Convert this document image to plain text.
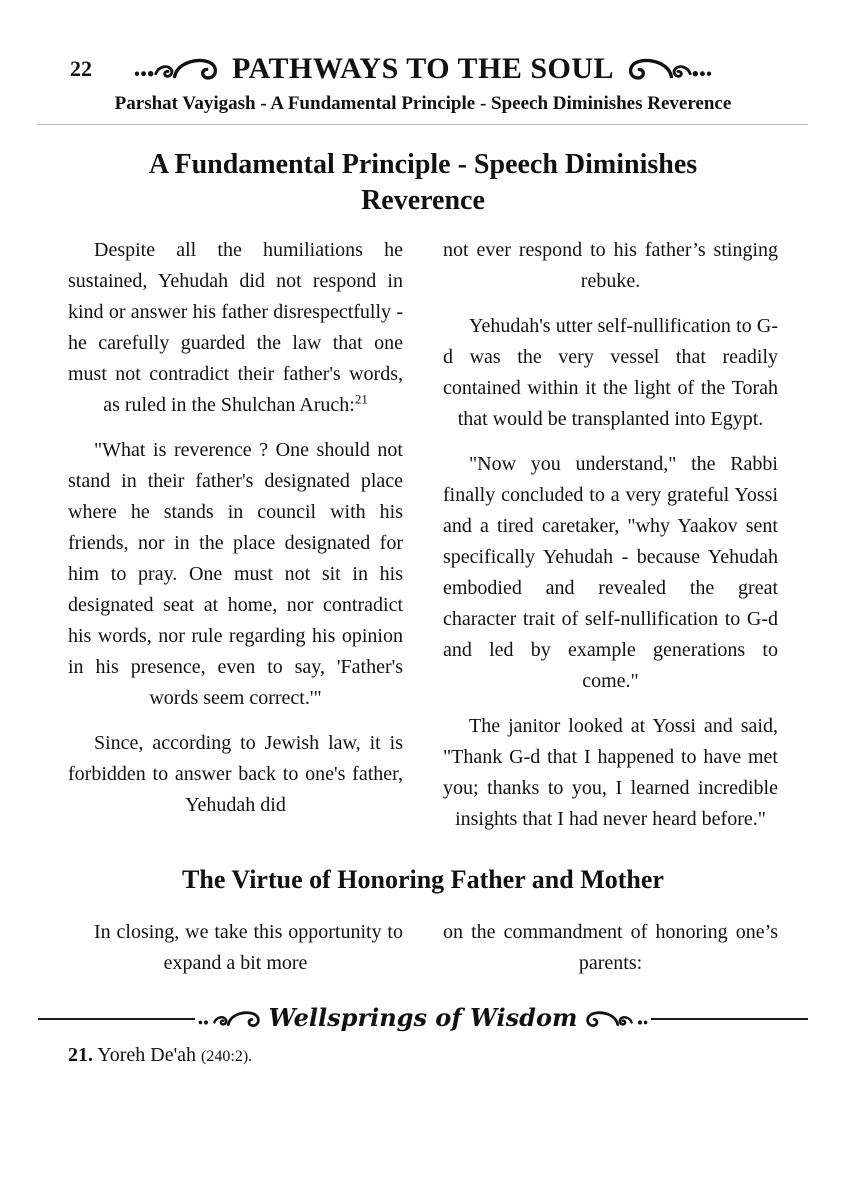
22	PATHWAYS TO THE SOUL
Parshat Vayigash - A Fundamental Principle - Speech Diminishes Reverence
A Fundamental Principle - Speech Diminishes Reverence

Despite all the humiliations he sustained, Yehudah did not respond in kind or answer his father disrespectfully - he carefully guarded the law that one must not contradict their father's words, as ruled in the Shulchan Aruch:$^{21}$

"What is reverence ? One should not stand in their father's designated place where he stands in council with his friends, nor in the place designated for him to pray. One must not sit in his designated seat at home, nor contradict his words, nor rule regarding his opinion in his presence, even to say, 'Father's words seem correct.'"

Since, according to Jewish law, it is forbidden to answer back to one's father, Yehudah did

not ever respond to his father’s stinging rebuke.

Yehudah's utter self-nullification to G-d was the very vessel that readily contained within it the light of the Torah that would be transplanted into Egypt.

"Now you understand," the Rabbi finally concluded to a very grateful Yossi and a tired caretaker, "why Yaakov sent specifically Yehudah - because Yehudah embodied and revealed the great character trait of self-nullification to G-d and led by example generations to come."

The janitor looked at Yossi and said, "Thank G-d that I happened to have met you; thanks to you, I learned incredible insights that I had never heard before."

The Virtue of Honoring Father and Mother

In closing, we take this opportunity to expand a bit more

on the commandment of honoring one’s parents:

Wellsprings of Wisdom
21. Yoreh De'ah (240:2).
